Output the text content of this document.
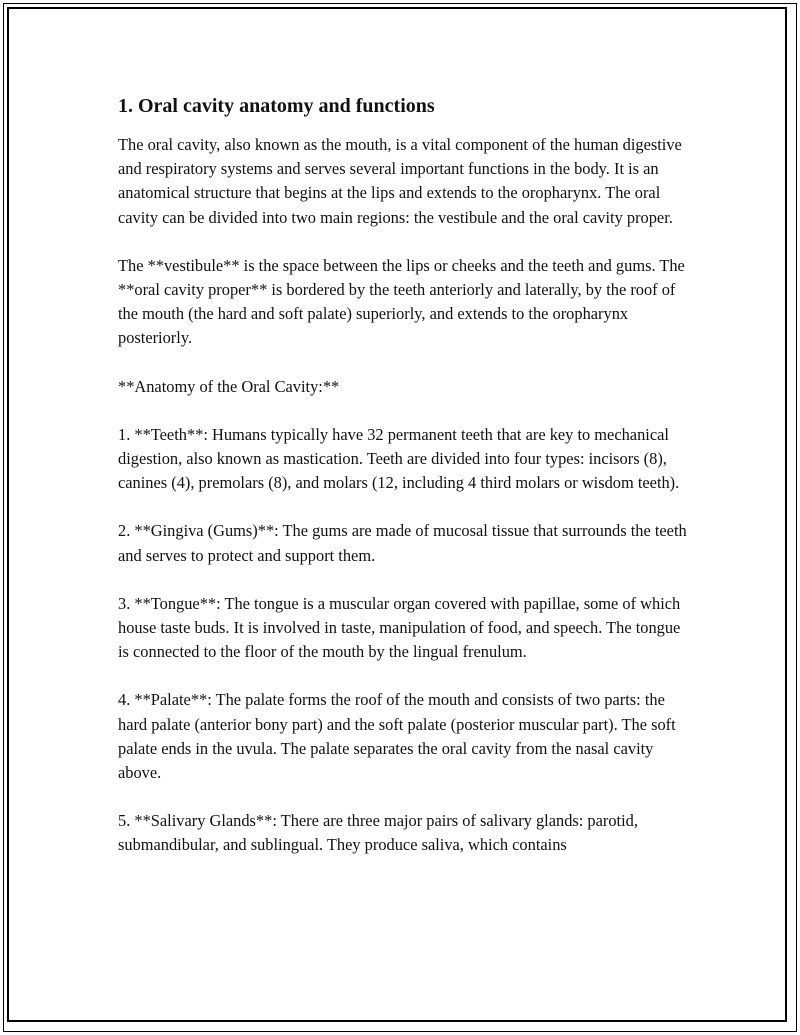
1. Oral cavity anatomy and functions

The oral cavity, also known as the mouth, is a vital component of the human digestive and respiratory systems and serves several important functions in the body. It is an anatomical structure that begins at the lips and extends to the oropharynx. The oral cavity can be divided into two main regions: the vestibule and the oral cavity proper.

The **vestibule** is the space between the lips or cheeks and the teeth and gums. The **oral cavity proper** is bordered by the teeth anteriorly and laterally, by the roof of the mouth (the hard and soft palate) superiorly, and extends to the oropharynx posteriorly.

**Anatomy of the Oral Cavity:**

1. **Teeth**: Humans typically have 32 permanent teeth that are key to mechanical digestion, also known as mastication. Teeth are divided into four types: incisors (8), canines (4), premolars (8), and molars (12, including 4 third molars or wisdom teeth).

2. **Gingiva (Gums)**: The gums are made of mucosal tissue that surrounds the teeth and serves to protect and support them.

3. **Tongue**: The tongue is a muscular organ covered with papillae, some of which house taste buds. It is involved in taste, manipulation of food, and speech. The tongue is connected to the floor of the mouth by the lingual frenulum.

4. **Palate**: The palate forms the roof of the mouth and consists of two parts: the hard palate (anterior bony part) and the soft palate (posterior muscular part). The soft palate ends in the uvula. The palate separates the oral cavity from the nasal cavity above.

5. **Salivary Glands**: There are three major pairs of salivary glands: parotid, submandibular, and sublingual. They produce saliva, which contains
